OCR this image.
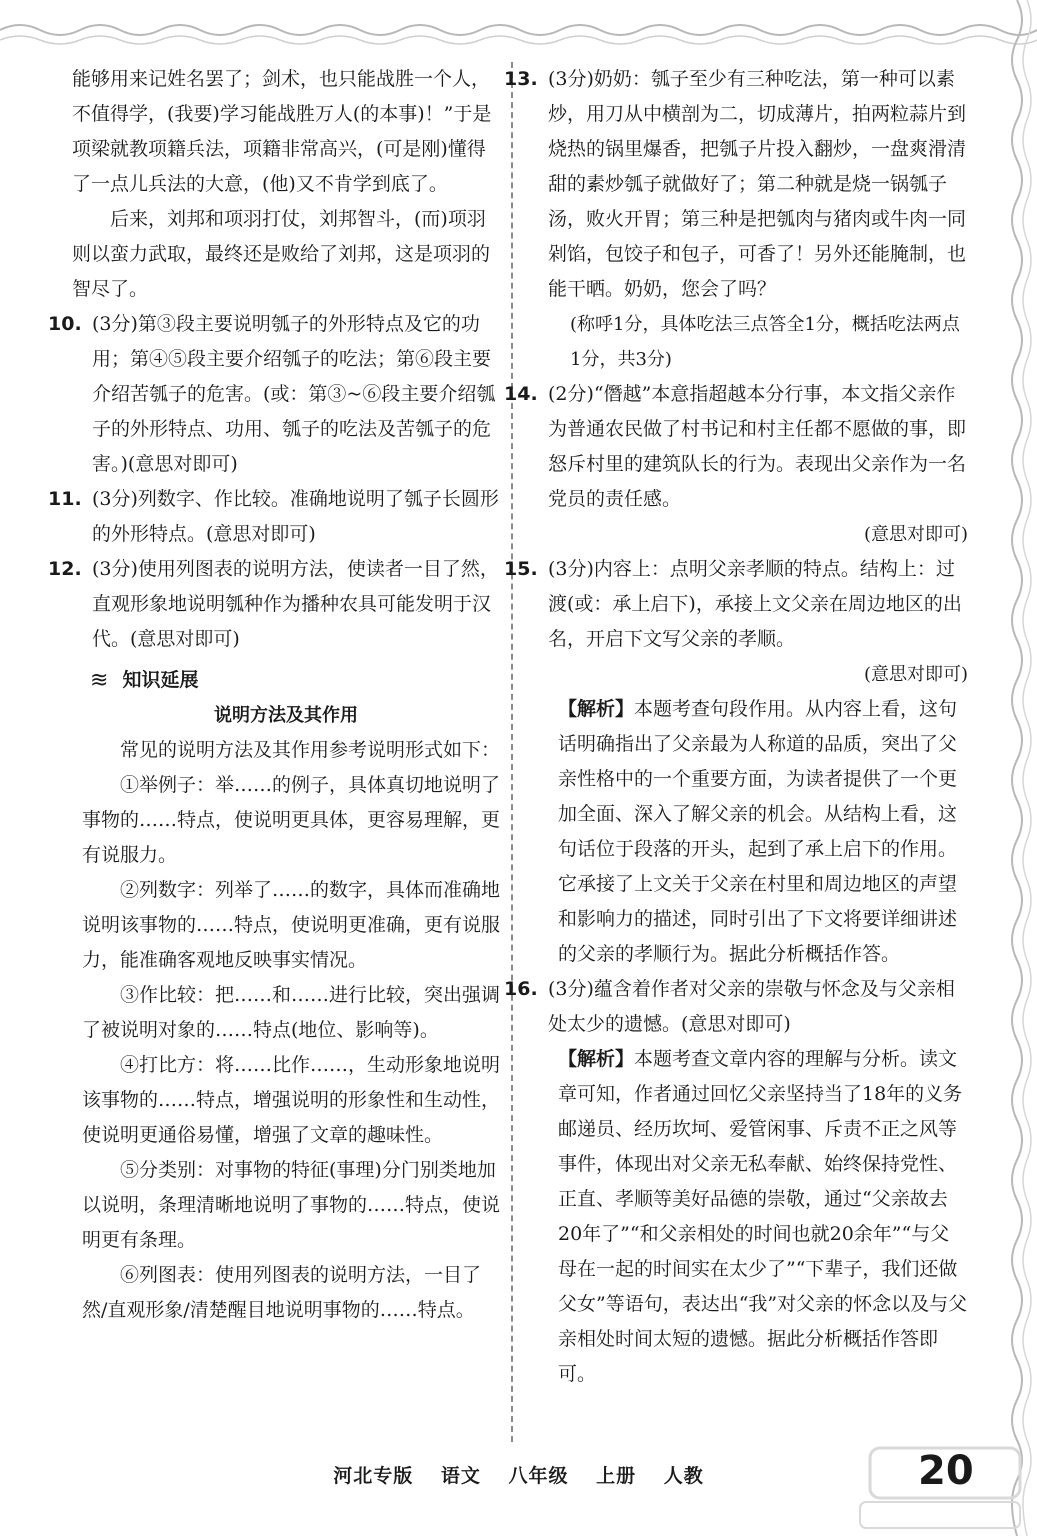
能够用来记姓名罢了；剑术，也只能战胜一个人，不值得学，(我要)学习能战胜万人(的本事)！”于是项梁就教项籍兵法，项籍非常高兴，(可是刚)懂得了一点儿兵法的大意，(他)又不肯学到底了。

后来，刘邦和项羽打仗，刘邦智斗，(而)项羽则以蛮力武取，最终还是败给了刘邦，这是项羽的智尽了。

10. (3分)第③段主要说明瓠子的外形特点及它的功用；第④⑤段主要介绍瓠子的吃法；第⑥段主要介绍苦瓠子的危害。(或：第③~⑥段主要介绍瓠子的外形特点、功用、瓠子的吃法及苦瓠子的危害。)(意思对即可)

11. (3分)列数字、作比较。准确地说明了瓠子长圆形的外形特点。(意思对即可)

12. (3分)使用列图表的说明方法，使读者一目了然，直观形象地说明瓠种作为播种农具可能发明于汉代。(意思对即可)

≋ 知识延展
说明方法及其作用

常见的说明方法及其作用参考说明形式如下：

①举例子：举……的例子，具体真切地说明了事物的……特点，使说明更具体，更容易理解，更有说服力。

②列数字：列举了……的数字，具体而准确地说明该事物的……特点，使说明更准确，更有说服力，能准确客观地反映事实情况。

③作比较：把……和……进行比较，突出强调了被说明对象的……特点(地位、影响等)。

④打比方：将……比作……，生动形象地说明该事物的……特点，增强说明的形象性和生动性，使说明更通俗易懂，增强了文章的趣味性。

⑤分类别：对事物的特征(事理)分门别类地加以说明，条理清晰地说明了事物的……特点，使说明更有条理。

⑥列图表：使用列图表的说明方法，一目了然/直观形象/清楚醒目地说明事物的……特点。

13. (3分)奶奶：瓠子至少有三种吃法，第一种可以素炒，用刀从中横剖为二，切成薄片，拍两粒蒜片到烧热的锅里爆香，把瓠子片投入翻炒，一盘爽滑清甜的素炒瓠子就做好了；第二种就是烧一锅瓠子汤，败火开胃；第三种是把瓠肉与猪肉或牛肉一同剁馅，包饺子和包子，可香了！另外还能腌制，也能干晒。奶奶，您会了吗？

(称呼1分，具体吃法三点答全1分，概括吃法两点1分，共3分)

14. (2分)“僭越”本意指超越本分行事，本文指父亲作为普通农民做了村书记和村主任都不愿做的事，即怒斥村里的建筑队长的行为。表现出父亲作为一名党员的责任感。

(意思对即可)

15. (3分)内容上：点明父亲孝顺的特点。结构上：过渡(或：承上启下)，承接上文父亲在周边地区的出名，开启下文写父亲的孝顺。

(意思对即可)

【解析】本题考查句段作用。从内容上看，这句话明确指出了父亲最为人称道的品质，突出了父亲性格中的一个重要方面，为读者提供了一个更加全面、深入了解父亲的机会。从结构上看，这句话位于段落的开头，起到了承上启下的作用。它承接了上文关于父亲在村里和周边地区的声望和影响力的描述，同时引出了下文将要详细讲述的父亲的孝顺行为。据此分析概括作答。

16. (3分)蕴含着作者对父亲的崇敬与怀念及与父亲相处太少的遗憾。(意思对即可)

【解析】本题考查文章内容的理解与分析。读文章可知，作者通过回忆父亲坚持当了18年的义务邮递员、经历坎坷、爱管闲事、斥责不正之风等事件，体现出对父亲无私奉献、始终保持党性、正直、孝顺等美好品德的崇敬，通过“父亲故去20年了”“和父亲相处的时间也就20余年”“与父母在一起的时间实在太少了”“下辈子，我们还做父女”等语句，表达出“我”对父亲的怀念以及与父亲相处时间太短的遗憾。据此分析概括作答即可。

河北专版 语文 八年级 上册 人教	20
